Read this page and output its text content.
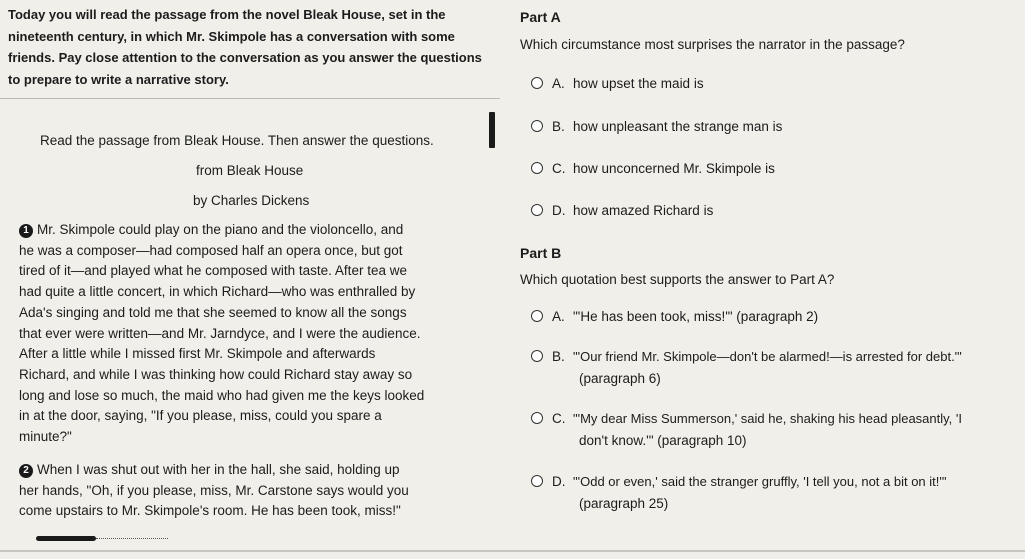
Today you will read the passage from the novel Bleak House, set in the
nineteenth century, in which Mr. Skimpole has a conversation with some
friends. Pay close attention to the conversation as you answer the questions
to prepare to write a narrative story.
Read the passage from Bleak House. Then answer the questions.
from Bleak House
by Charles Dickens
1 Mr. Skimpole could play on the piano and the violoncello, and
he was a composer—had composed half an opera once, but got
tired of it—and played what he composed with taste. After tea we
had quite a little concert, in which Richard—who was enthralled by
Ada's singing and told me that she seemed to know all the songs
that ever were written—and Mr. Jarndyce, and I were the audience.
After a little while I missed first Mr. Skimpole and afterwards
Richard, and while I was thinking how could Richard stay away so
long and lose so much, the maid who had given me the keys looked
in at the door, saying, "If you please, miss, could you spare a
minute?"
2 When I was shut out with her in the hall, she said, holding up
her hands, "Oh, if you please, miss, Mr. Carstone says would you
come upstairs to Mr. Skimpole's room. He has been took, miss!"
Part A
Which circumstance most surprises the narrator in the passage?
A. how upset the maid is
B. how unpleasant the strange man is
C. how unconcerned Mr. Skimpole is
D. how amazed Richard is
Part B
Which quotation best supports the answer to Part A?
A. "'He has been took, miss!'" (paragraph 2)
B. "'Our friend Mr. Skimpole—don't be alarmed!—is arrested for debt.'"
(paragraph 6)
C. "'My dear Miss Summerson,' said he, shaking his head pleasantly, 'I
don't know.'" (paragraph 10)
D. "'Odd or even,' said the stranger gruffly, 'I tell you, not a bit on it!'"
(paragraph 25)
